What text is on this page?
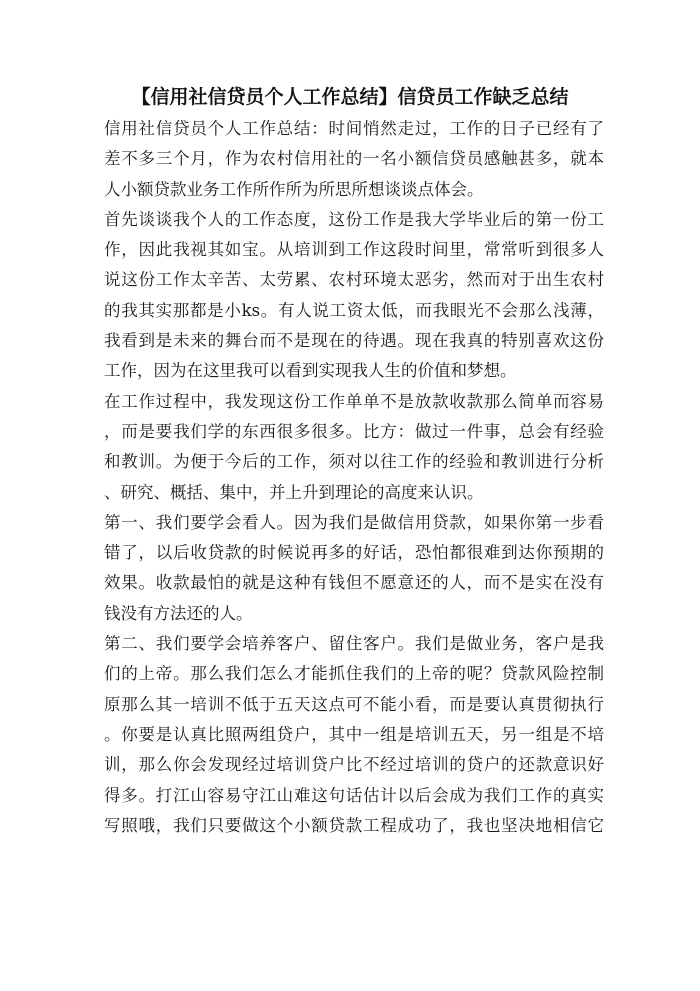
【信用社信贷员个人工作总结】信贷员工作缺乏总结
信用社信贷员个人工作总结：时间悄然走过，工作的日子已经有了
差不多三个月，作为农村信用社的一名小额信贷员感触甚多，就本
人小额贷款业务工作所作所为所思所想谈谈点体会。
首先谈谈我个人的工作态度，这份工作是我大学毕业后的第一份工
作，因此我视其如宝。从培训到工作这段时间里，常常听到很多人
说这份工作太辛苦、太劳累、农村环境太恶劣，然而对于出生农村
的我其实那都是小ks。有人说工资太低，而我眼光不会那么浅薄，
我看到是未来的舞台而不是现在的待遇。现在我真的特别喜欢这份
工作，因为在这里我可以看到实现我人生的价值和梦想。
在工作过程中，我发现这份工作单单不是放款收款那么简单而容易
，而是要我们学的东西很多很多。比方：做过一件事，总会有经验
和教训。为便于今后的工作，须对以往工作的经验和教训进行分析
、研究、概括、集中，并上升到理论的高度来认识。
第一、我们要学会看人。因为我们是做信用贷款，如果你第一步看
错了，以后收贷款的时候说再多的好话，恐怕都很难到达你预期的
效果。收款最怕的就是这种有钱但不愿意还的人，而不是实在没有
钱没有方法还的人。
第二、我们要学会培养客户、留住客户。我们是做业务，客户是我
们的上帝。那么我们怎么才能抓住我们的上帝的呢？贷款风险控制
原那么其一培训不低于五天这点可不能小看，而是要认真贯彻执行
。你要是认真比照两组贷户，其中一组是培训五天，另一组是不培
训，那么你会发现经过培训贷户比不经过培训的贷户的还款意识好
得多。打江山容易守江山难这句话估计以后会成为我们工作的真实
写照哦，我们只要做这个小额贷款工程成功了，我也坚决地相信它
